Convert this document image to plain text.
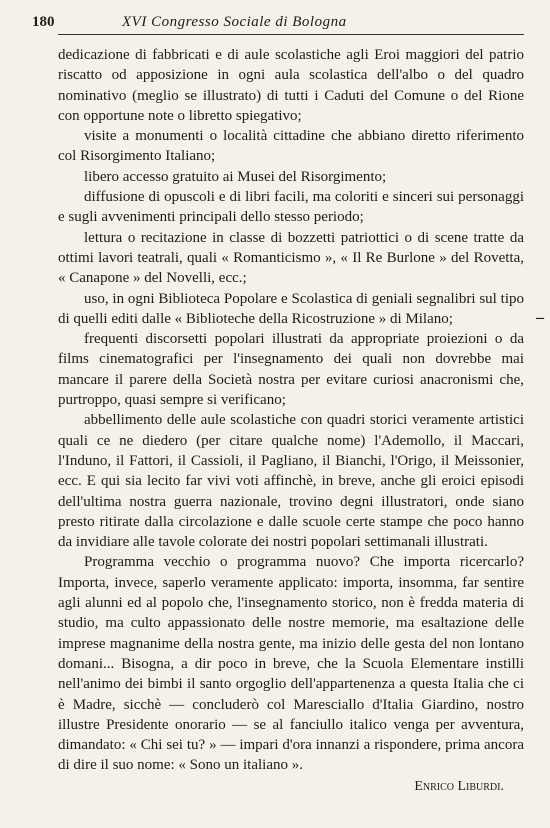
180	XVI Congresso Sociale di Bologna

dedicazione di fabbricati e di aule scolastiche agli Eroi maggiori del patrio riscatto od apposizione in ogni aula scolastica dell'albo o del quadro nominativo (meglio se illustrato) di tutti i Caduti del Comune o del Rione con opportune note o libretto spiegativo;

visite a monumenti o località cittadine che abbiano diretto riferimento col Risorgimento Italiano;

libero accesso gratuito ai Musei del Risorgimento;

diffusione di opuscoli e di libri facili, ma coloriti e sinceri sui personaggi e sugli avvenimenti principali dello stesso periodo;

lettura o recitazione in classe di bozzetti patriottici o di scene tratte da ottimi lavori teatrali, quali « Romanticismo », « Il Re Burlone » del Rovetta, « Canapone » del Novelli, ecc.;

uso, in ogni Biblioteca Popolare e Scolastica di geniali segnalibri sul tipo di quelli editi dalle « Biblioteche della Ricostruzione » di Milano;

frequenti discorsetti popolari illustrati da appropriate proiezioni o da films cinematografici per l'insegnamento dei quali non dovrebbe mai mancare il parere della Società nostra per evitare curiosi anacronismi che, purtroppo, quasi sempre si verificano;

abbellimento delle aule scolastiche con quadri storici veramente artistici quali ce ne diedero (per citare qualche nome) l'Ademollo, il Maccari, l'Induno, il Fattori, il Cassioli, il Pagliano, il Bianchi, l'Origo, il Meissonier, ecc. E qui sia lecito far vivi voti affinchè, in breve, anche gli eroici episodi dell'ultima nostra guerra nazionale, trovino degni illustratori, onde siano presto ritirate dalla circolazione e dalle scuole certe stampe che poco hanno da invidiare alle tavole colorate dei nostri popolari settimanali illustrati.

Programma vecchio o programma nuovo? Che importa ricercarlo? Importa, invece, saperlo veramente applicato: importa, insomma, far sentire agli alunni ed al popolo che, l'insegnamento storico, non è fredda materia di studio, ma culto appassionato delle nostre memorie, ma esaltazione delle imprese magnanime della nostra gente, ma inizio delle gesta del non lontano domani... Bisogna, a dir poco in breve, che la Scuola Elementare instilli nell'animo dei bimbi il santo orgoglio dell'appartenenza a questa Italia che ci è Madre, sicchè — concluderò col Maresciallo d'Italia Giardino, nostro illustre Presidente onorario — se al fanciullo italico venga per avventura, dimandato: « Chi sei tu? » — impari d'ora innanzi a rispondere, prima ancora di dire il suo nome: « Sono un italiano ».

Enrico Liburdi.
–
